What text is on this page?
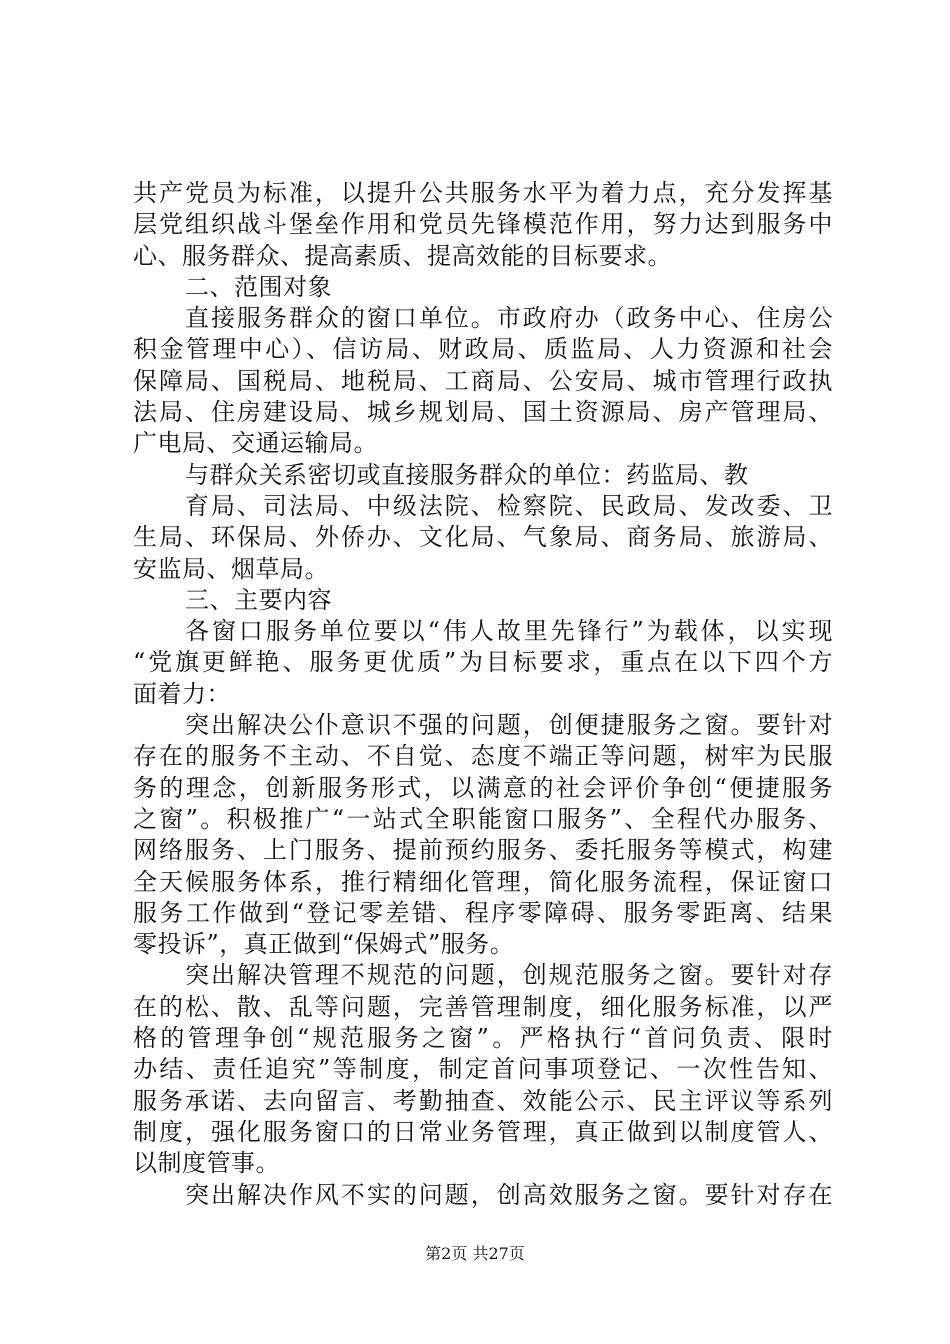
共产党员为标准，以提升公共服务水平为着力点，充分发挥基
层党组织战斗堡垒作用和党员先锋模范作用，努力达到服务中
心、服务群众、提高素质、提高效能的目标要求。
二、范围对象
直接服务群众的窗口单位。市政府办（政务中心、住房公
积金管理中心）、信访局、财政局、质监局、人力资源和社会
保障局、国税局、地税局、工商局、公安局、城市管理行政执
法局、住房建设局、城乡规划局、国土资源局、房产管理局、
广电局、交通运输局。
与群众关系密切或直接服务群众的单位：药监局、教
育局、司法局、中级法院、检察院、民政局、发改委、卫
生局、环保局、外侨办、文化局、气象局、商务局、旅游局、
安监局、烟草局。
三、主要内容
各窗口服务单位要以“伟人故里先锋行”为载体，以实现
“党旗更鲜艳、服务更优质”为目标要求，重点在以下四个方
面着力：
突出解决公仆意识不强的问题，创便捷服务之窗。要针对
存在的服务不主动、不自觉、态度不端正等问题，树牢为民服
务的理念，创新服务形式，以满意的社会评价争创“便捷服务
之窗”。积极推广“一站式全职能窗口服务”、全程代办服务、
网络服务、上门服务、提前预约服务、委托服务等模式，构建
全天候服务体系，推行精细化管理，简化服务流程，保证窗口
服务工作做到“登记零差错、程序零障碍、服务零距离、结果
零投诉”，真正做到“保姆式”服务。
突出解决管理不规范的问题，创规范服务之窗。要针对存
在的松、散、乱等问题，完善管理制度，细化服务标准，以严
格的管理争创“规范服务之窗”。严格执行“首问负责、限时
办结、责任追究”等制度，制定首问事项登记、一次性告知、
服务承诺、去向留言、考勤抽查、效能公示、民主评议等系列
制度，强化服务窗口的日常业务管理，真正做到以制度管人、
以制度管事。
突出解决作风不实的问题，创高效服务之窗。要针对存在
第2页 共27页
